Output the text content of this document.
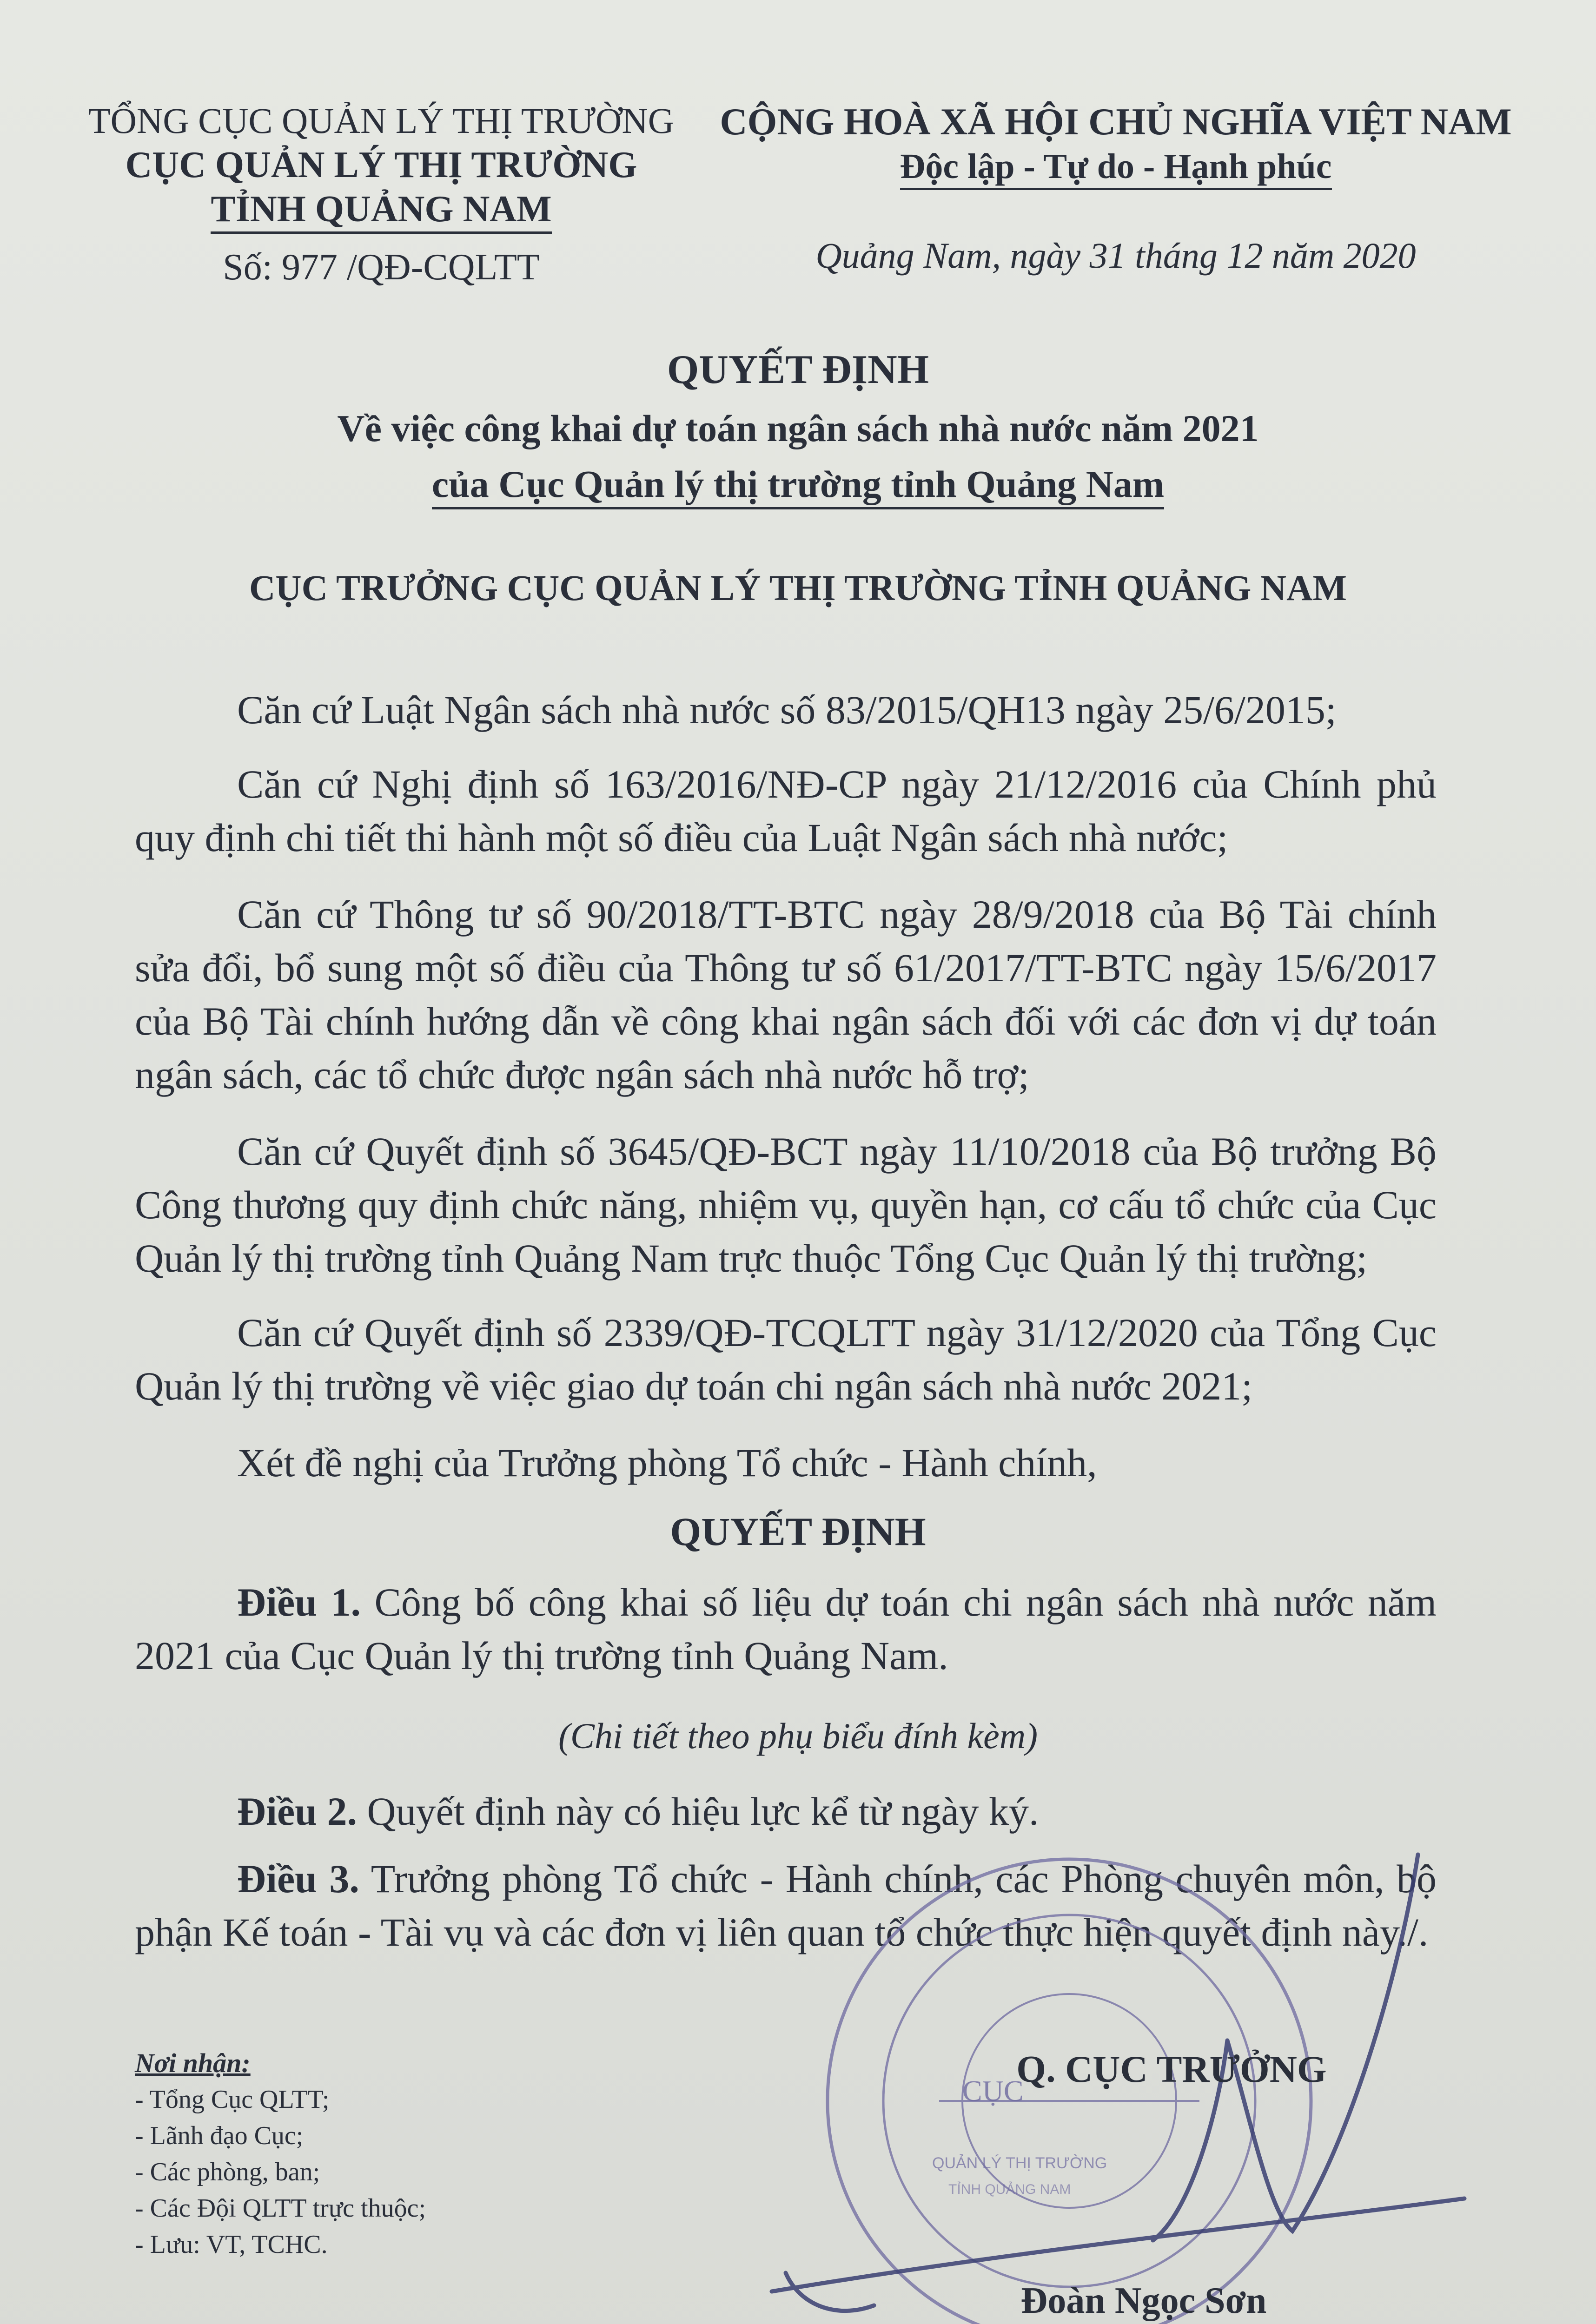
TỔNG CỤC QUẢN LÝ THỊ TRƯỜNG
CỤC QUẢN LÝ THỊ TRƯỜNG
TỈNH QUẢNG NAM
Số: 977 /QĐ-CQLTT
CỘNG HOÀ XÃ HỘI CHỦ NGHĨA VIỆT NAM
Độc lập - Tự do - Hạnh phúc
Quảng Nam, ngày 31 tháng 12 năm 2020
QUYẾT ĐỊNH
Về việc công khai dự toán ngân sách nhà nước năm 2021
của Cục Quản lý thị trường tỉnh Quảng Nam
CỤC TRƯỞNG CỤC QUẢN LÝ THỊ TRƯỜNG TỈNH QUẢNG NAM
Căn cứ Luật Ngân sách nhà nước số 83/2015/QH13 ngày 25/6/2015;
Căn cứ Nghị định số 163/2016/NĐ-CP ngày 21/12/2016 của Chính phủ quy định chi tiết thi hành một số điều của Luật Ngân sách nhà nước;
Căn cứ Thông tư số 90/2018/TT-BTC ngày 28/9/2018 của Bộ Tài chính sửa đổi, bổ sung một số điều của Thông tư số 61/2017/TT-BTC ngày 15/6/2017 của Bộ Tài chính hướng dẫn về công khai ngân sách đối với các đơn vị dự toán ngân sách, các tổ chức được ngân sách nhà nước hỗ trợ;
Căn cứ Quyết định số 3645/QĐ-BCT ngày 11/10/2018 của Bộ trưởng Bộ Công thương quy định chức năng, nhiệm vụ, quyền hạn, cơ cấu tổ chức của Cục Quản lý thị trường tỉnh Quảng Nam trực thuộc Tổng Cục Quản lý thị trường;
Căn cứ Quyết định số 2339/QĐ-TCQLTT ngày 31/12/2020 của Tổng Cục Quản lý thị trường về việc giao dự toán chi ngân sách nhà nước 2021;
Xét đề nghị của Trưởng phòng Tổ chức - Hành chính,
QUYẾT ĐỊNH
Điều 1. Công bố công khai số liệu dự toán chi ngân sách nhà nước năm 2021 của Cục Quản lý thị trường tỉnh Quảng Nam.
(Chi tiết theo phụ biểu đính kèm)
Điều 2. Quyết định này có hiệu lực kể từ ngày ký.
Điều 3. Trưởng phòng Tổ chức - Hành chính, các Phòng chuyên môn, bộ phận Kế toán - Tài vụ và các đơn vị liên quan tổ chức thực hiện quyết định này./.
Nơi nhận:
- Tổng Cục QLTT;
- Lãnh đạo Cục;
- Các phòng, ban;
- Các Đội QLTT trực thuộc;
- Lưu: VT, TCHC.
CỤC
QUẢN LÝ THỊ TRƯỜNG
TỈNH QUẢNG NAM
Q. CỤC TRƯỞNG
Đoàn Ngọc Sơn
